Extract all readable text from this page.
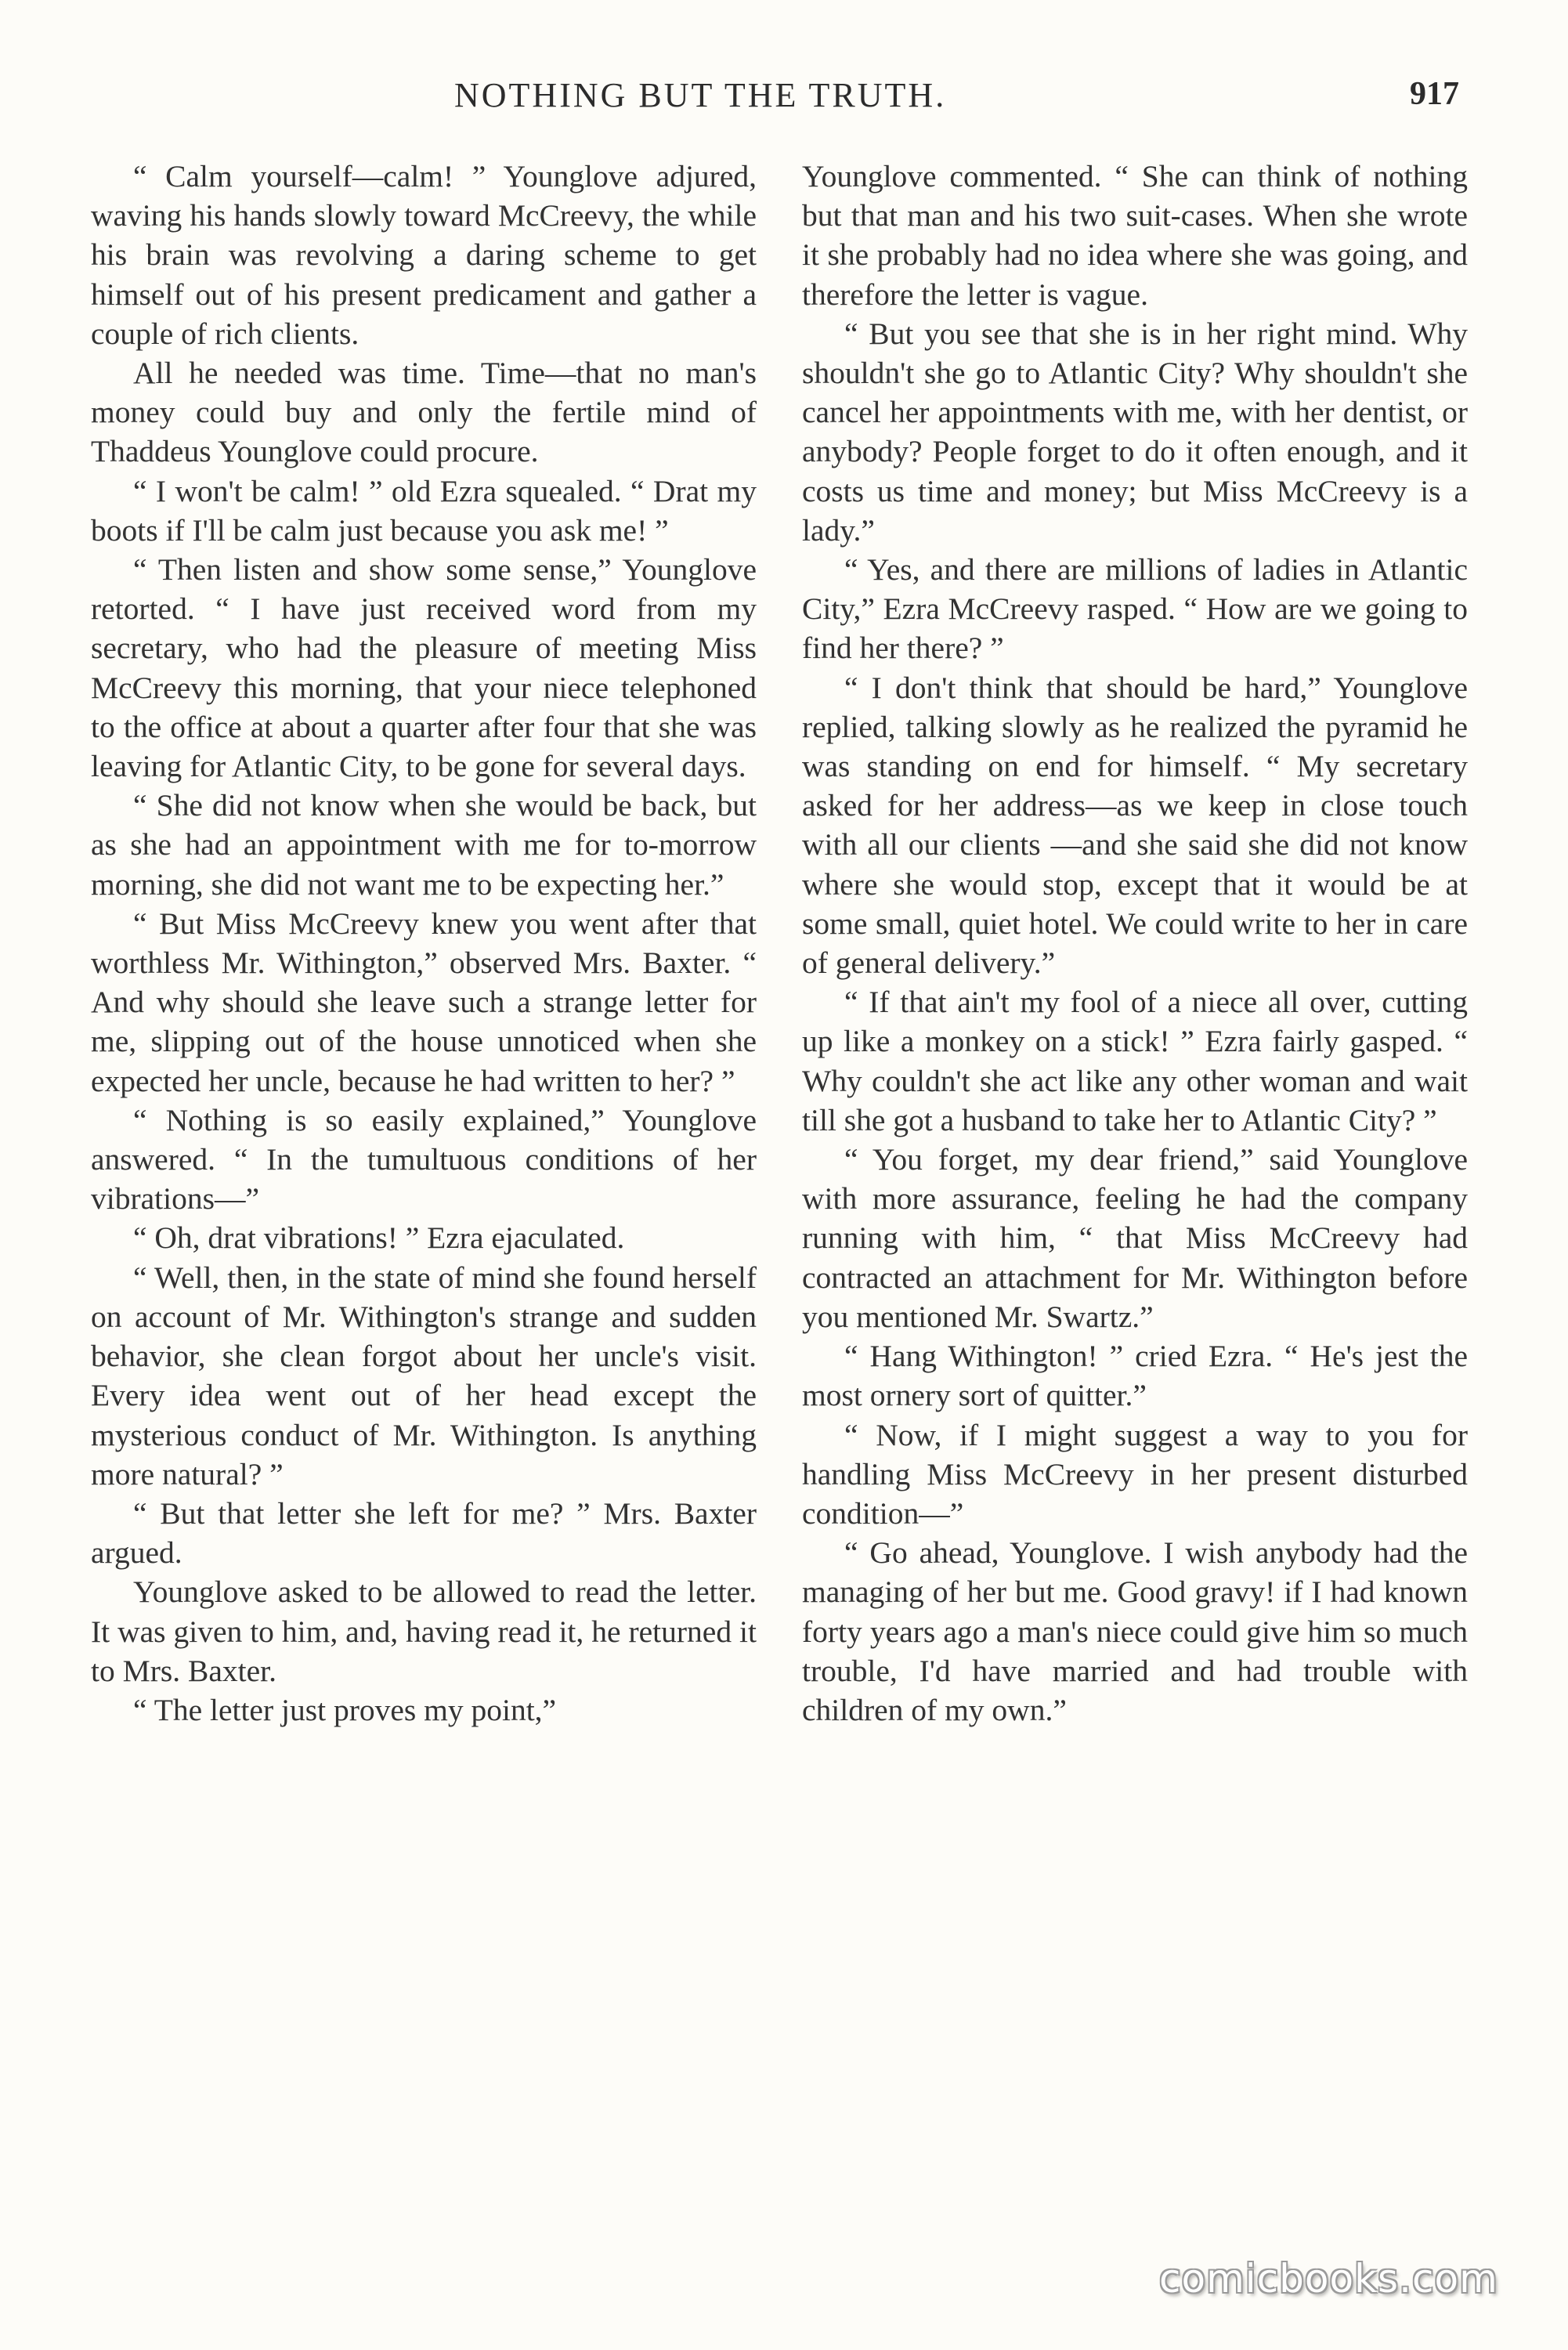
NOTHING BUT THE TRUTH.	917

“ Calm yourself—calm! ” Younglove adjured, waving his hands slowly toward McCreevy, the while his brain was revolving a daring scheme to get himself out of his present predicament and gather a couple of rich clients.

All he needed was time. Time—that no man's money could buy and only the fertile mind of Thaddeus Younglove could procure.

“ I won't be calm! ” old Ezra squealed. “ Drat my boots if I'll be calm just because you ask me! ”

“ Then listen and show some sense,” Younglove retorted. “ I have just received word from my secretary, who had the pleasure of meeting Miss McCreevy this morning, that your niece telephoned to the office at about a quarter after four that she was leaving for Atlantic City, to be gone for several days.

“ She did not know when she would be back, but as she had an appointment with me for to-morrow morning, she did not want me to be expecting her.”

“ But Miss McCreevy knew you went after that worthless Mr. Withington,” observed Mrs. Baxter. “ And why should she leave such a strange letter for me, slipping out of the house unnoticed when she expected her uncle, because he had written to her? ”

“ Nothing is so easily explained,” Younglove answered. “ In the tumultuous conditions of her vibrations—”

“ Oh, drat vibrations! ” Ezra ejaculated.

“ Well, then, in the state of mind she found herself on account of Mr. Withington's strange and sudden behavior, she clean forgot about her uncle's visit. Every idea went out of her head except the mysterious conduct of Mr. Withington. Is anything more natural? ”

“ But that letter she left for me? ” Mrs. Baxter argued.

Younglove asked to be allowed to read the letter. It was given to him, and, having read it, he returned it to Mrs. Baxter.

“ The letter just proves my point,”

Younglove commented. “ She can think of nothing but that man and his two suit-cases. When she wrote it she probably had no idea where she was going, and therefore the letter is vague.

“ But you see that she is in her right mind. Why shouldn't she go to Atlantic City? Why shouldn't she cancel her appointments with me, with her dentist, or anybody? People forget to do it often enough, and it costs us time and money; but Miss McCreevy is a lady.”

“ Yes, and there are millions of ladies in Atlantic City,” Ezra McCreevy rasped. “ How are we going to find her there? ”

“ I don't think that should be hard,” Younglove replied, talking slowly as he realized the pyramid he was standing on end for himself. “ My secretary asked for her address—as we keep in close touch with all our clients —and she said she did not know where she would stop, except that it would be at some small, quiet hotel. We could write to her in care of general delivery.”

“ If that ain't my fool of a niece all over, cutting up like a monkey on a stick! ” Ezra fairly gasped. “ Why couldn't she act like any other woman and wait till she got a husband to take her to Atlantic City? ”

“ You forget, my dear friend,” said Younglove with more assurance, feeling he had the company running with him, “ that Miss McCreevy had contracted an attachment for Mr. Withington before you mentioned Mr. Swartz.”

“ Hang Withington! ” cried Ezra. “ He's jest the most ornery sort of quitter.”

“ Now, if I might suggest a way to you for handling Miss McCreevy in her present disturbed condition—”

“ Go ahead, Younglove. I wish anybody had the managing of her but me. Good gravy! if I had known forty years ago a man's niece could give him so much trouble, I'd have married and had trouble with children of my own.”

comicbooks.com
